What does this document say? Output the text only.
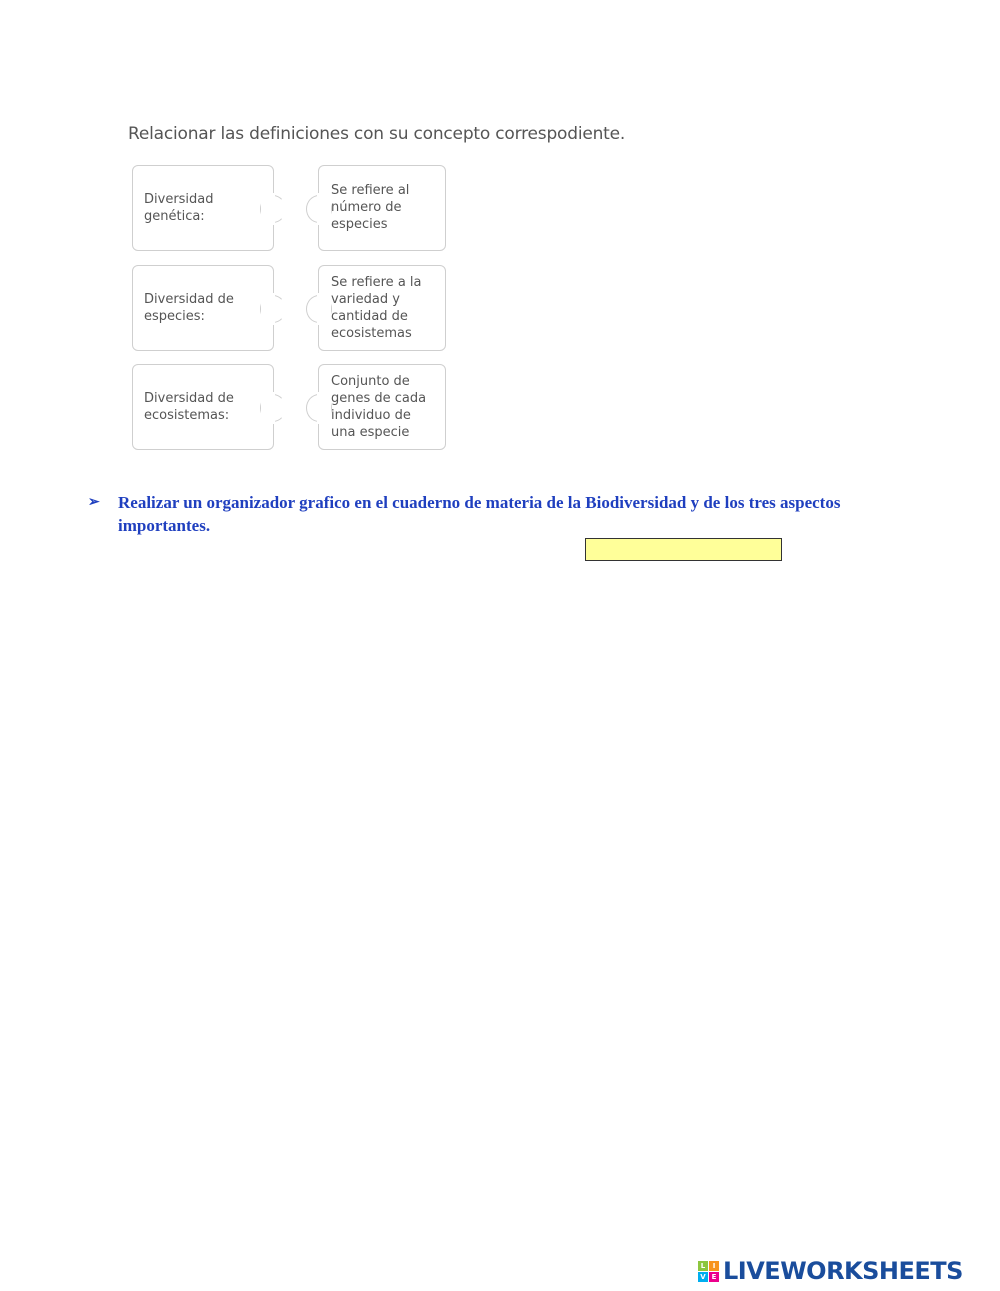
Relacionar las definiciones con su concepto correspodiente.
Diversidad
genética:
Se refiere al
número de
especies
Diversidad de
especies:
Se refiere a la
variedad y
cantidad de
ecosistemas
Diversidad de
ecosistemas:
Conjunto de
genes de cada
individuo de
una especie
➢ Realizar un organizador grafico en el cuaderno de materia de la Biodiversidad y de los tres aspectos importantes.
L	I
V E LIVEWORKSHEETS
